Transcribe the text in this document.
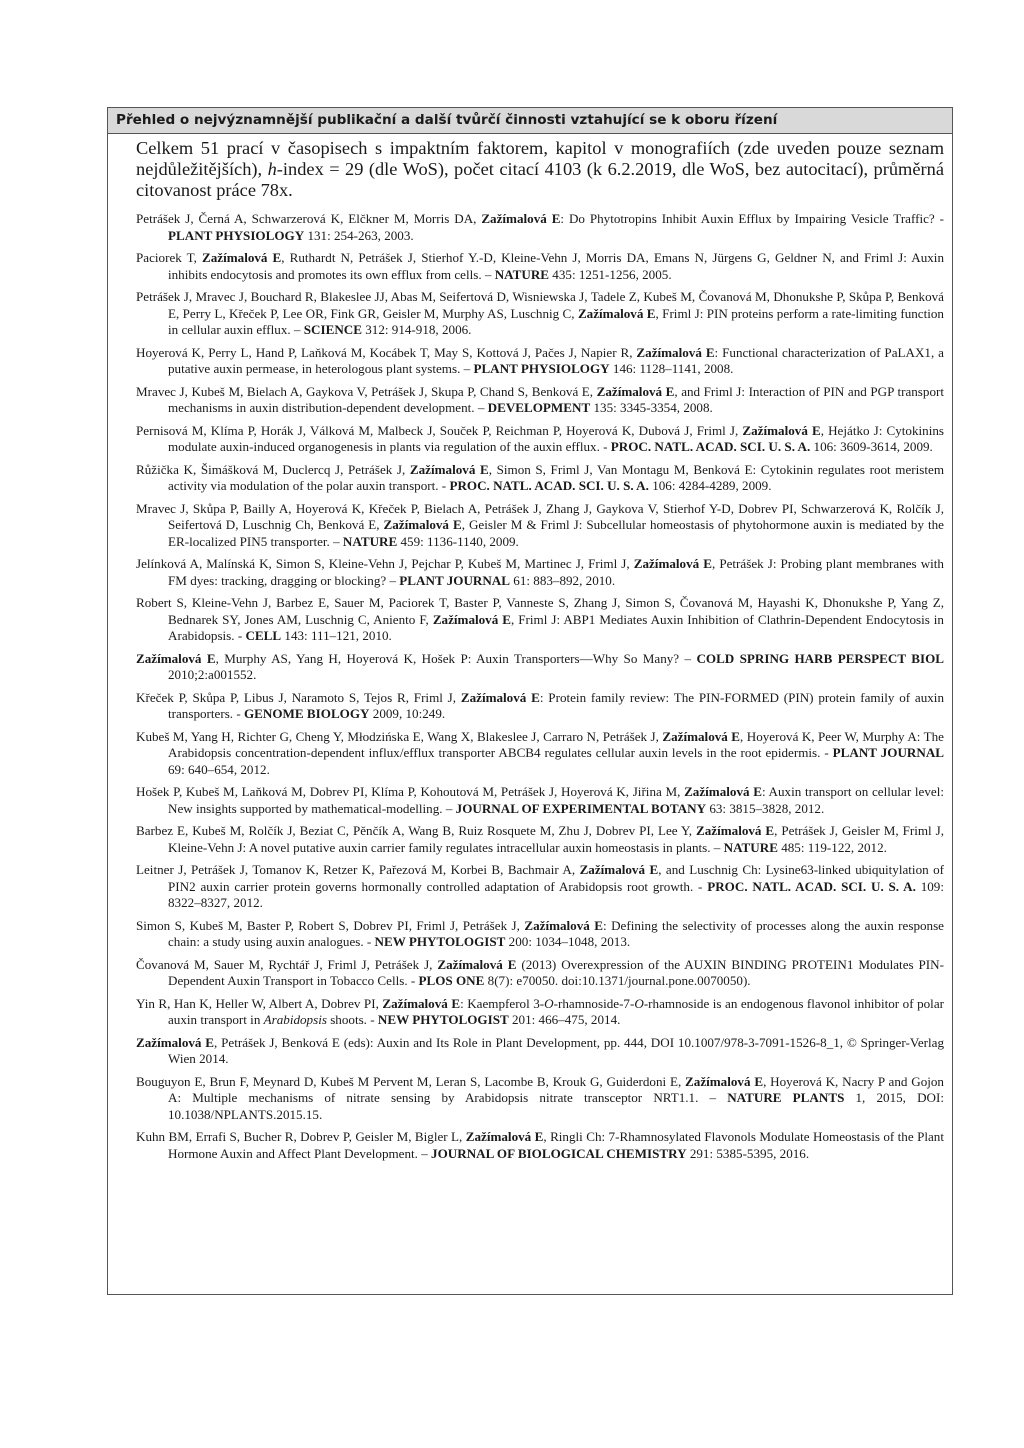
Přehled o nejvýznamnější publikační a další tvůrčí činnosti vztahující se k oboru řízení

Celkem 51 prací v časopisech s impaktním faktorem, kapitol v monografiích (zde uveden pouze seznam nejdůležitějších), h-index = 29 (dle WoS), počet citací 4103 (k 6.2.2019, dle WoS, bez autocitací), průměrná citovanost práce 78x.

Petrášek J, Černá A, Schwarzerová K, Elčkner M, Morris DA, Zažímalová E: Do Phytotropins Inhibit Auxin Efflux by Impairing Vesicle Traffic? - PLANT PHYSIOLOGY 131: 254-263, 2003.

Paciorek T, Zažímalová E, Ruthardt N, Petrášek J, Stierhof Y.-D, Kleine-Vehn J, Morris DA, Emans N, Jürgens G, Geldner N, and Friml J: Auxin inhibits endocytosis and promotes its own efflux from cells. – NATURE 435: 1251-1256, 2005.

Petrášek J, Mravec J, Bouchard R, Blakeslee JJ, Abas M, Seifertová D, Wisniewska J, Tadele Z, Kubeš M, Čovanová M, Dhonukshe P, Skůpa P, Benková E, Perry L, Křeček P, Lee OR, Fink GR, Geisler M, Murphy AS, Luschnig C, Zažímalová E, Friml J: PIN proteins perform a rate-limiting function in cellular auxin efflux. – SCIENCE 312: 914-918, 2006.

Hoyerová K, Perry L, Hand P, Laňková M, Kocábek T, May S, Kottová J, Pačes J, Napier R, Zažímalová E: Functional characterization of PaLAX1, a putative auxin permease, in heterologous plant systems. – PLANT PHYSIOLOGY 146: 1128–1141, 2008.

Mravec J, Kubeš M, Bielach A, Gaykova V, Petrášek J, Skupa P, Chand S, Benková E, Zažímalová E, and Friml J: Interaction of PIN and PGP transport mechanisms in auxin distribution-dependent development. – DEVELOPMENT 135: 3345-3354, 2008.

Pernisová M, Klíma P, Horák J, Válková M, Malbeck J, Souček P, Reichman P, Hoyerová K, Dubová J, Friml J, Zažímalová E, Hejátko J: Cytokinins modulate auxin-induced organogenesis in plants via regulation of the auxin efflux. - PROC. NATL. ACAD. SCI. U. S. A. 106: 3609-3614, 2009.

Růžička K, Šimášková M, Duclercq J, Petrášek J, Zažímalová E, Simon S, Friml J, Van Montagu M, Benková E: Cytokinin regulates root meristem activity via modulation of the polar auxin transport. - PROC. NATL. ACAD. SCI. U. S. A. 106: 4284-4289, 2009.

Mravec J, Skůpa P, Bailly A, Hoyerová K, Křeček P, Bielach A, Petrášek J, Zhang J, Gaykova V, Stierhof Y-D, Dobrev PI, Schwarzerová K, Rolčík J, Seifertová D, Luschnig Ch, Benková E, Zažímalová E, Geisler M & Friml J: Subcellular homeostasis of phytohormone auxin is mediated by the ER-localized PIN5 transporter. – NATURE 459: 1136-1140, 2009.

Jelínková A, Malínská K, Simon S, Kleine-Vehn J, Pejchar P, Kubeš M, Martinec J, Friml J, Zažímalová E, Petrášek J: Probing plant membranes with FM dyes: tracking, dragging or blocking? – PLANT JOURNAL 61: 883–892, 2010.

Robert S, Kleine-Vehn J, Barbez E, Sauer M, Paciorek T, Baster P, Vanneste S, Zhang J, Simon S, Čovanová M, Hayashi K, Dhonukshe P, Yang Z, Bednarek SY, Jones AM, Luschnig C, Aniento F, Zažímalová E, Friml J: ABP1 Mediates Auxin Inhibition of Clathrin-Dependent Endocytosis in Arabidopsis. - CELL 143: 111–121, 2010.

Zažímalová E, Murphy AS, Yang H, Hoyerová K, Hošek P: Auxin Transporters—Why So Many? – COLD SPRING HARB PERSPECT BIOL 2010;2:a001552.

Křeček P, Skůpa P, Libus J, Naramoto S, Tejos R, Friml J, Zažímalová E: Protein family review: The PIN-FORMED (PIN) protein family of auxin transporters. - GENOME BIOLOGY 2009, 10:249.

Kubeš M, Yang H, Richter G, Cheng Y, Młodzińska E, Wang X, Blakeslee J, Carraro N, Petrášek J, Zažímalová E, Hoyerová K, Peer W, Murphy A: The Arabidopsis concentration-dependent influx/efflux transporter ABCB4 regulates cellular auxin levels in the root epidermis. - PLANT JOURNAL 69: 640–654, 2012.

Hošek P, Kubeš M, Laňková M, Dobrev PI, Klíma P, Kohoutová M, Petrášek J, Hoyerová K, Jiřina M, Zažímalová E: Auxin transport on cellular level: New insights supported by mathematical-modelling. – JOURNAL OF EXPERIMENTAL BOTANY 63: 3815–3828, 2012.

Barbez E, Kubeš M, Rolčík J, Beziat C, Pěnčík A, Wang B, Ruiz Rosquete M, Zhu J, Dobrev PI, Lee Y, Zažímalová E, Petrášek J, Geisler M, Friml J, Kleine-Vehn J: A novel putative auxin carrier family regulates intracellular auxin homeostasis in plants. – NATURE 485: 119-122, 2012.

Leitner J, Petrášek J, Tomanov K, Retzer K, Pařezová M, Korbei B, Bachmair A, Zažímalová E, and Luschnig Ch: Lysine63-linked ubiquitylation of PIN2 auxin carrier protein governs hormonally controlled adaptation of Arabidopsis root growth. - PROC. NATL. ACAD. SCI. U. S. A. 109: 8322–8327, 2012.

Simon S, Kubeš M, Baster P, Robert S, Dobrev PI, Friml J, Petrášek J, Zažímalová E: Defining the selectivity of processes along the auxin response chain: a study using auxin analogues. - NEW PHYTOLOGIST 200: 1034–1048, 2013.

Čovanová M, Sauer M, Rychtář J, Friml J, Petrášek J, Zažímalová E (2013) Overexpression of the AUXIN BINDING PROTEIN1 Modulates PIN-Dependent Auxin Transport in Tobacco Cells. - PLOS ONE 8(7): e70050. doi:10.1371/journal.pone.0070050).

Yin R, Han K, Heller W, Albert A, Dobrev PI, Zažímalová E: Kaempferol 3-O-rhamnoside-7-O-rhamnoside is an endogenous flavonol inhibitor of polar auxin transport in Arabidopsis shoots. - NEW PHYTOLOGIST 201: 466–475, 2014.

Zažímalová E, Petrášek J, Benková E (eds): Auxin and Its Role in Plant Development, pp. 444, DOI 10.1007/978-3-7091-1526-8_1, © Springer-Verlag Wien 2014.

Bouguyon E, Brun F, Meynard D, Kubeš M Pervent M, Leran S, Lacombe B, Krouk G, Guiderdoni E, Zažímalová E, Hoyerová K, Nacry P and Gojon A: Multiple mechanisms of nitrate sensing by Arabidopsis nitrate transceptor NRT1.1. – NATURE PLANTS 1, 2015, DOI: 10.1038/NPLANTS.2015.15.

Kuhn BM, Errafi S, Bucher R, Dobrev P, Geisler M, Bigler L, Zažímalová E, Ringli Ch: 7-Rhamnosylated Flavonols Modulate Homeostasis of the Plant Hormone Auxin and Affect Plant Development. – JOURNAL OF BIOLOGICAL CHEMISTRY 291: 5385-5395, 2016.
